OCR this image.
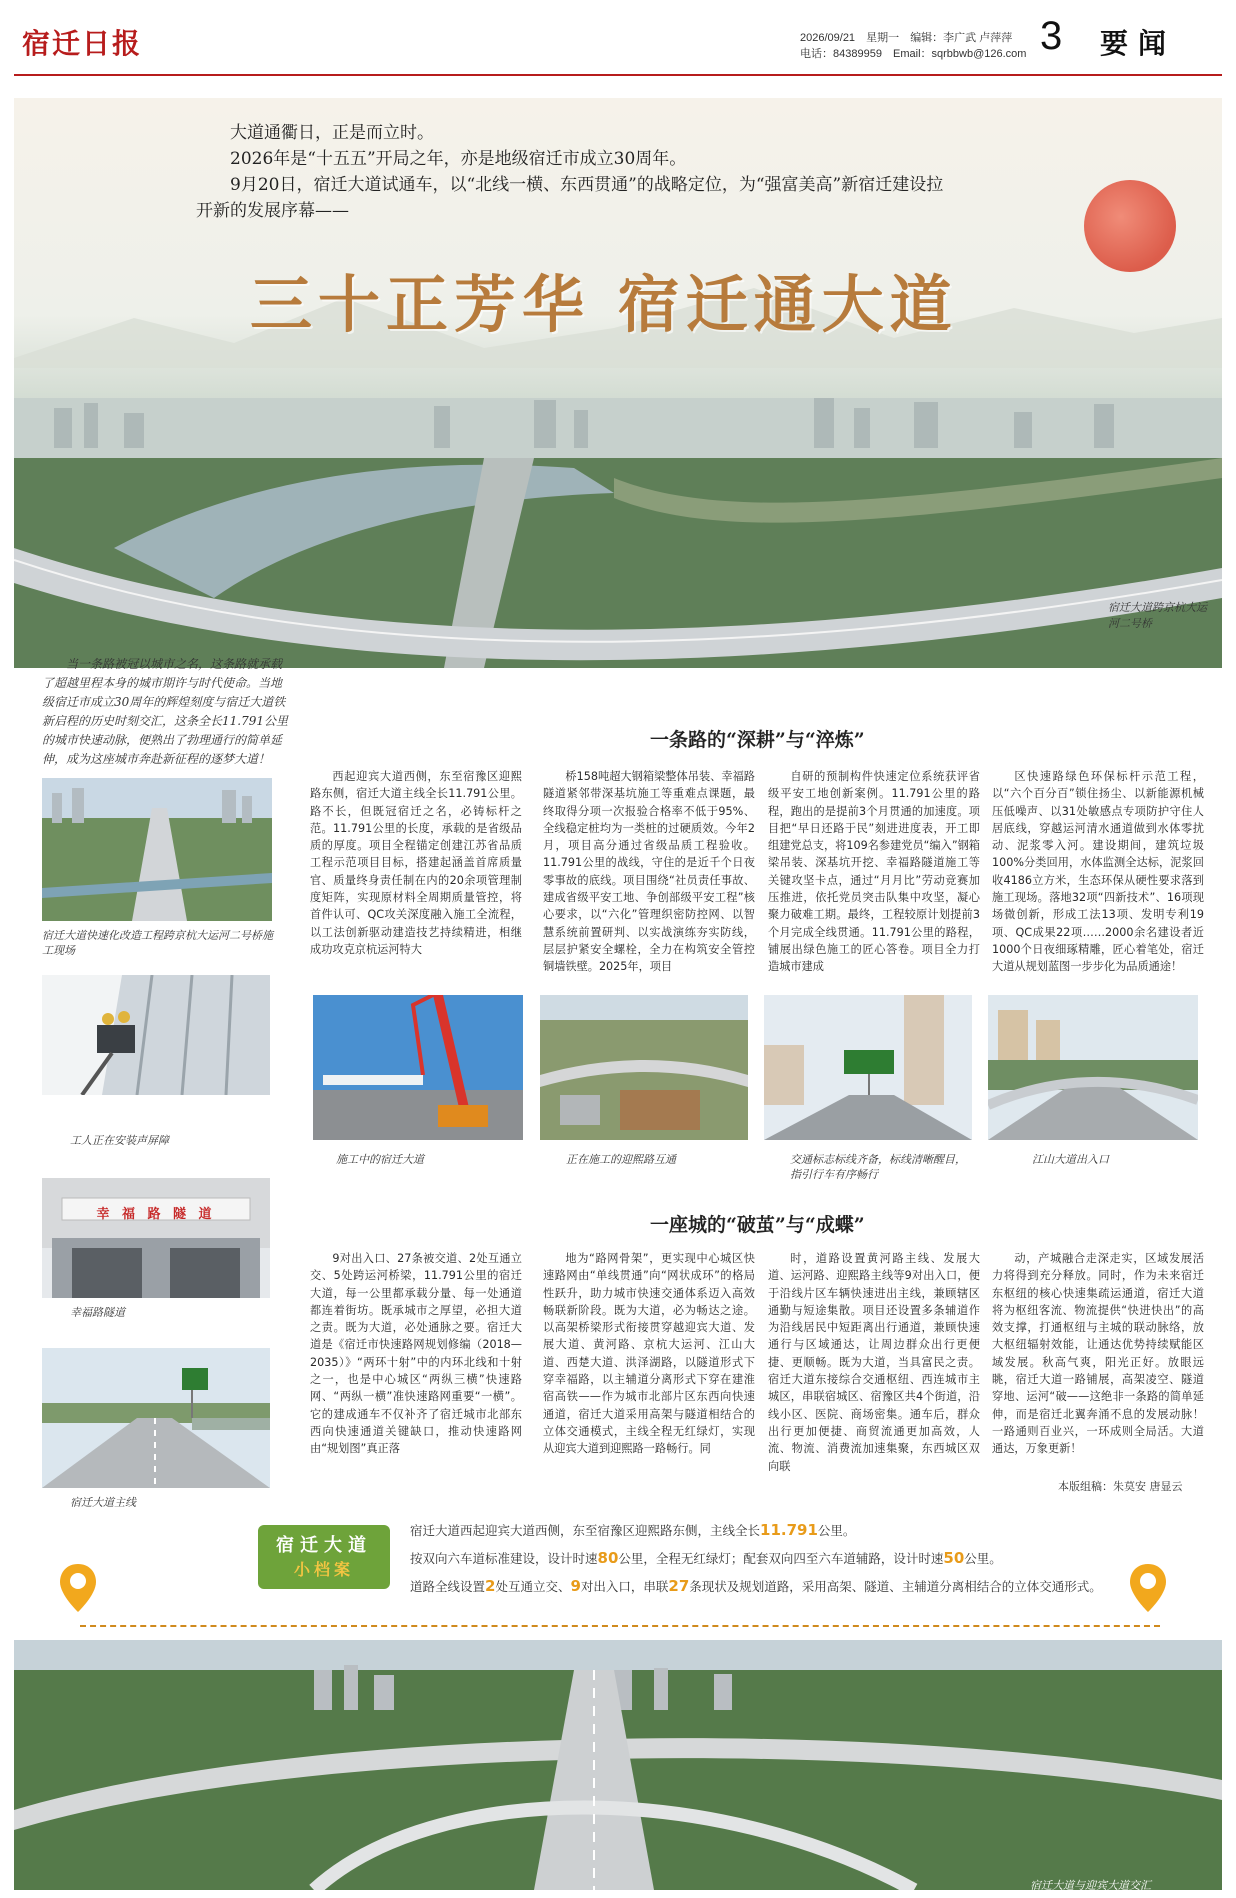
宿迁日报	2026/09/21 星期一 编辑：李广武 卢萍萍
电话：84389959 Email：sqrbbwb@126.com 3 要闻

大道通衢日，正是而立时。

2026年是“十五五”开局之年，亦是地级宿迁市成立30周年。

9月20日，宿迁大道试通车，以“北线一横、东西贯通”的战略定位，为“强富美高”新宿迁建设拉开新的发展序幕——

三十正芳华 宿迁通大道
宿迁大道跨京杭大运河二号桥
当一条路被冠以城市之名，这条路就承载了超越里程本身的城市期许与时代使命。当地级宿迁市成立30周年的辉煌刻度与宿迁大道铁新启程的历史时刻交汇，这条全长11.791公里的城市快速动脉，便熟出了勃理通行的简单延伸，成为这座城市奔赴新征程的逐梦大道！
一条路的“深耕”与“淬炼”

西起迎宾大道西侧，东至宿豫区迎熙路东侧，宿迁大道主线全长11.791公里。路不长，但既冠宿迁之名，必铸标杆之范。11.791公里的长度，承载的是省级品质的厚度。项目全程锚定创建江苏省品质工程示范项目目标，搭建起涵盖首席质量官、质量终身责任制在内的20余项管理制度矩阵，实现原材料全周期质量管控，将首件认可、QC攻关深度融入施工全流程，以工法创新驱动建造技艺持续精进，相继成功攻克京杭运河特大

桥158吨超大钢箱梁整体吊装、幸福路隧道紧邻带深基坑施工等重难点课题，最终取得分项一次报验合格率不低于95%、全线稳定桩均为一类桩的过硬质效。今年2月，项目高分通过省级品质工程验收。11.791公里的战线，守住的是近千个日夜零事故的底线。项目围绕“社员责任事故、建成省级平安工地、争创部级平安工程”核心要求，以“六化”管理织密防控网、以智慧系统前置研判、以实战演练夯实防线，层层护紧安全螺栓，全力在构筑安全管控铜墙铁壁。2025年，项目

自研的预制构件快速定位系统获评省级平安工地创新案例。11.791公里的路程，跑出的是提前3个月贯通的加速度。项目把“早日还路于民”刻进进度表，开工即组建党总支，将109名参建党员“编入”钢箱梁吊装、深基坑开挖、幸福路隧道施工等关键攻坚卡点，通过“月月比”劳动竞赛加压推进，依托党员突击队集中攻坚，凝心聚力破难工期。最终，工程较原计划提前3个月完成全线贯通。11.791公里的路程，铺展出绿色施工的匠心答卷。项目全力打造城市建成

区快速路绿色环保标杆示范工程，以“六个百分百”锁住扬尘、以新能源机械压低噪声、以31处敏感点专项防护守住人居底线，穿越运河清水通道做到水体零扰动、泥浆零入河。建设期间，建筑垃圾100%分类回用，水体监测全达标，泥浆回收4186立方米，生态环保从硬性要求落到施工现场。落地32项“四新技术”、16项现场微创新，形成工法13项、发明专利19项、QC成果22项……2000余名建设者近1000个日夜细琢精雕，匠心着笔处，宿迁大道从规划蓝图一步步化为品质通途！

宿迁大道快速化改造工程跨京杭大运河二号桥施工现场
工人正在安装声屏障
幸 福 路 隧 道
幸福路隧道
宿迁大道主线
施工中的宿迁大道	正在施工的迎熙路互通	交通标志标线齐备，标线清晰醒目，指引行车有序畅行
江山大道出入口
一座城的“破茧”与“成蝶”

9对出入口、27条被交道、2处互通立交、5处跨运河桥梁，11.791公里的宿迁大道，每一公里都承载分量、每一处通道都连着街坊。既承城市之厚望，必担大道之责。既为大道，必处通脉之要。宿迁大道是《宿迁市快速路网规划修编（2018—2035）》“两环十射”中的内环北线和十射之一，也是中心城区“两纵三横”快速路网、“两纵一横”准快速路网重要“一横”。它的建成通车不仅补齐了宿迁城市北部东西向快速通道关键缺口，推动快速路网由“规划图”真正落

地为“路网骨架”，更实现中心城区快速路网由“单线贯通”向“网状成环”的格局性跃升，助力城市快速交通体系迈入高效畅联新阶段。既为大道，必为畅达之途。以高架桥梁形式衔接贯穿越迎宾大道、发展大道、黄河路、京杭大运河、江山大道、西楚大道、洪泽湖路，以隧道形式下穿幸福路，以主辅道分离形式下穿在建淮宿高铁——作为城市北部片区东西向快速通道，宿迁大道采用高架与隧道相结合的立体交通模式，主线全程无红绿灯，实现从迎宾大道到迎熙路一路畅行。同

时，道路设置黄河路主线、发展大道、运河路、迎熙路主线等9对出入口，便于沿线片区车辆快速进出主线，兼顾辖区通勤与短途集散。项目还设置多条辅道作为沿线居民中短距离出行通道，兼顾快速通行与区域通达，让周边群众出行更便捷、更顺畅。既为大道，当具富民之责。宿迁大道东接综合交通枢纽、西连城市主城区，串联宿城区、宿豫区共4个街道，沿线小区、医院、商场密集。通车后，群众出行更加便捷、商贸流通更加高效，人流、物流、消费流加速集聚，东西城区双向联

动，产城融合走深走实，区域发展活力将得到充分释放。同时，作为未来宿迁东枢纽的核心快速集疏运通道，宿迁大道将为枢纽客流、物流提供“快进快出”的高效支撑，打通枢纽与主城的联动脉络，放大枢纽辐射效能，让通达优势持续赋能区域发展。秋高气爽，阳光正好。放眼远眺，宿迁大道一路铺展，高架凌空、隧道穿地、运河“破——这绝非一条路的简单延伸，而是宿迁北翼奔涌不息的发展动脉！一路通则百业兴，一环成则全局活。大道通达，万象更新！

本版组稿：朱莫安 唐显云
宿迁大道
小档案
宿迁大道西起迎宾大道西侧，东至宿豫区迎熙路东侧，主线全长11.791公里。
按双向六车道标准建设，设计时速80公里，全程无红绿灯；配套双向四至六车道辅路，设计时速50公里。
道路全线设置2处互通立交、9对出入口，串联27条现状及规划道路，采用高架、隧道、主辅道分离相结合的立体交通形式。
宿迁大道与迎宾大道交汇
